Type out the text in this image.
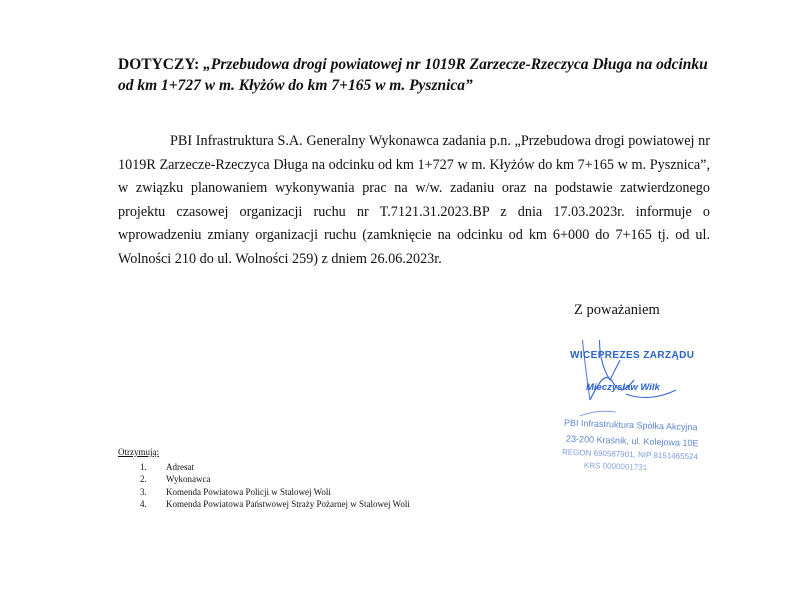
DOTYCZY: „Przebudowa drogi powiatowej nr 1019R Zarzecze-Rzeczyca Długa na odcinku
od km 1+727 w m. Kłyżów do km 7+165 w m. Pysznica”
PBI Infrastruktura S.A. Generalny Wykonawca zadania p.n. „Przebudowa drogi powiatowej nr 1019R Zarzecze-Rzeczyca Długa na odcinku od km 1+727 w m. Kłyżów do km 7+165 w m. Pysznica”, w związku planowaniem wykonywania prac na w/w. zadaniu oraz na podstawie zatwierdzonego projektu czasowej organizacji ruchu nr T.7121.31.2023.BP z dnia 17.03.2023r. informuje o wprowadzeniu zmiany organizacji ruchu (zamknięcie na odcinku od km 6+000 do 7+165 tj. od ul. Wolności 210 do ul. Wolności 259) z dniem 26.06.2023r.
Z poważaniem
WICEPREZES ZARZĄDU
Mieczysław Wilk
PBI Infrastruktura Spółka Akcyjna
23-200 Kraśnik, ul. Kolejowa 10E
REGON 690587901, NIP 8151465524
KRS 0000001731
Otrzymują:
1. Adresat
2. Wykonawca
3. Komenda Powiatowa Policji w Stalowej Woli
4. Komenda Powiatowa Państwowej Straży Pożarnej w Stalowej Woli
